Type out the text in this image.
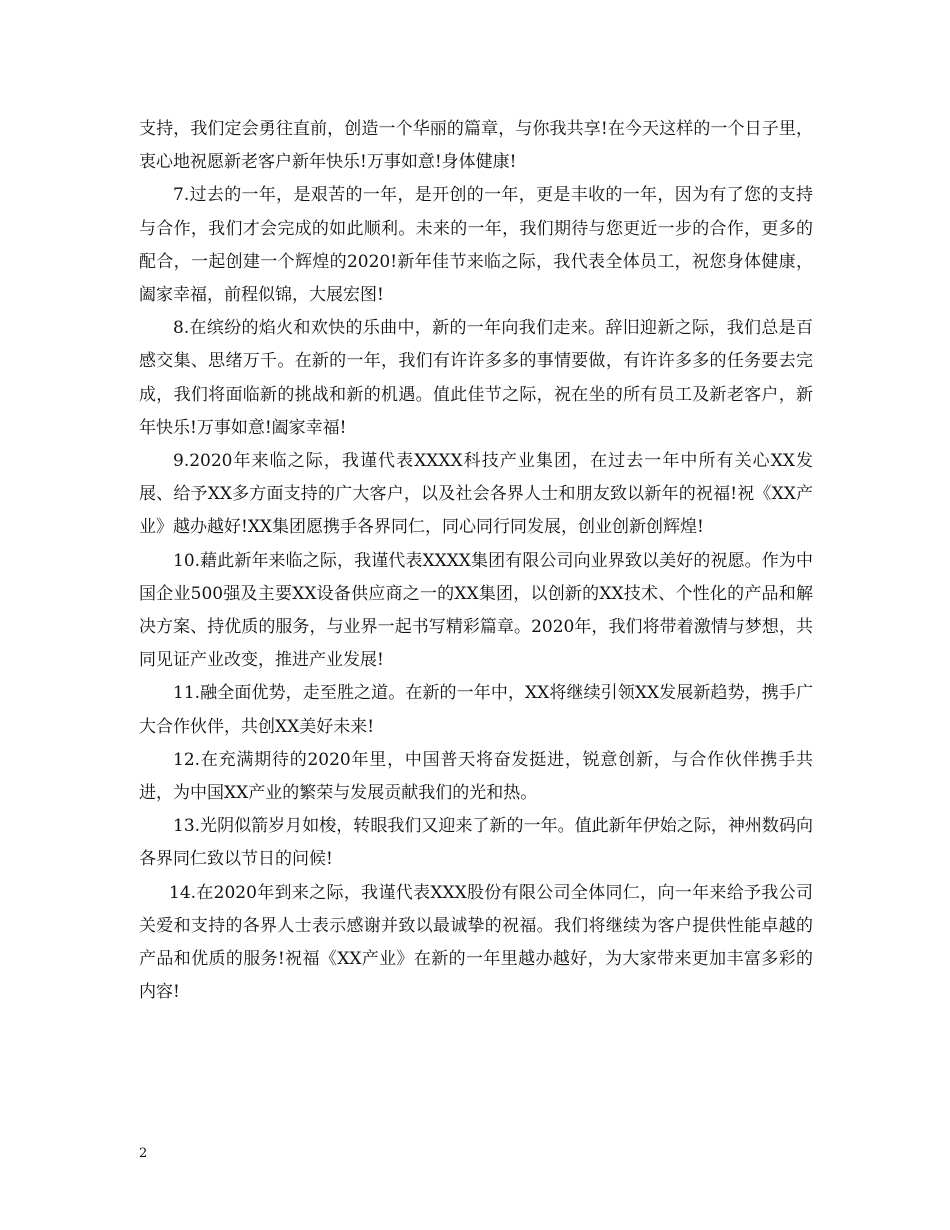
支持，我们定会勇往直前，创造一个华丽的篇章，与你我共享!在今天这样的一个日子里，衷心地祝愿新老客户新年快乐!万事如意!身体健康!

7.过去的一年，是艰苦的一年，是开创的一年，更是丰收的一年，因为有了您的支持与合作，我们才会完成的如此顺利。未来的一年，我们期待与您更近一步的合作，更多的配合，一起创建一个辉煌的2020!新年佳节来临之际，我代表全体员工，祝您身体健康，阖家幸福，前程似锦，大展宏图!

8.在缤纷的焰火和欢快的乐曲中，新的一年向我们走来。辞旧迎新之际，我们总是百感交集、思绪万千。在新的一年，我们有许许多多的事情要做，有许许多多的任务要去完成，我们将面临新的挑战和新的机遇。值此佳节之际，祝在坐的所有员工及新老客户，新年快乐!万事如意!阖家幸福!

9.2020年来临之际，我谨代表XXXX科技产业集团，在过去一年中所有关心XX发展、给予XX多方面支持的广大客户，以及社会各界人士和朋友致以新年的祝福!祝《XX产业》越办越好!XX集团愿携手各界同仁，同心同行同发展，创业创新创辉煌!

10.藉此新年来临之际，我谨代表XXXX集团有限公司向业界致以美好的祝愿。作为中国企业500强及主要XX设备供应商之一的XX集团，以创新的XX技术、个性化的产品和解决方案、持优质的服务，与业界一起书写精彩篇章。2020年，我们将带着激情与梦想，共同见证产业改变，推进产业发展!

11.融全面优势，走至胜之道。在新的一年中，XX将继续引领XX发展新趋势，携手广大合作伙伴，共创XX美好未来!

12.在充满期待的2020年里，中国普天将奋发挺进，锐意创新，与合作伙伴携手共进，为中国XX产业的繁荣与发展贡献我们的光和热。

13.光阴似箭岁月如梭，转眼我们又迎来了新的一年。值此新年伊始之际，神州数码向各界同仁致以节日的问候!

14.在2020年到来之际，我谨代表XXX股份有限公司全体同仁，向一年来给予我公司关爱和支持的各界人士表示感谢并致以最诚挚的祝福。我们将继续为客户提供性能卓越的产品和优质的服务!祝福《XX产业》在新的一年里越办越好，为大家带来更加丰富多彩的内容!

2
